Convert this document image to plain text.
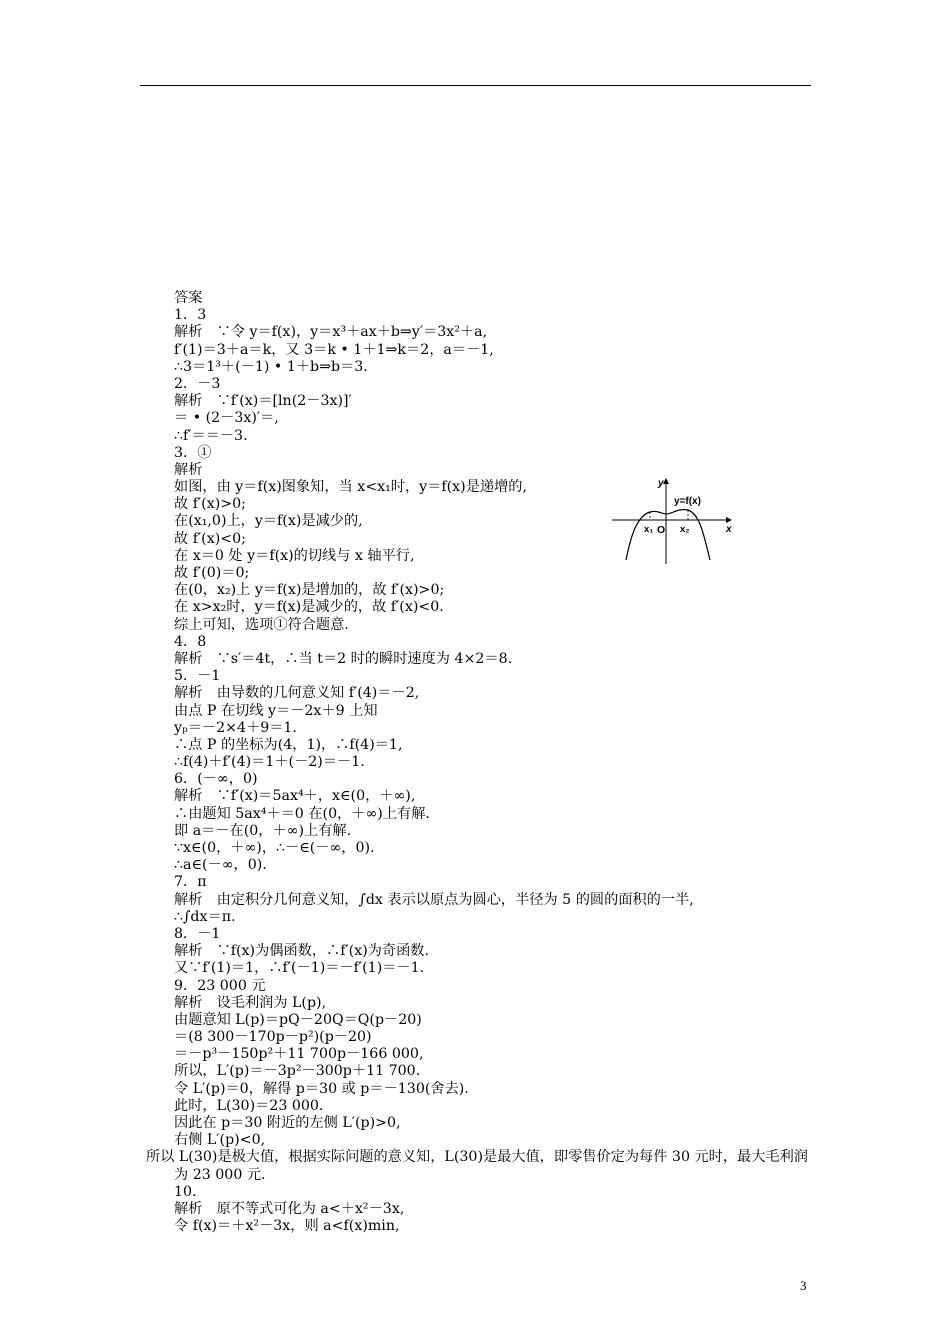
答案
1．3
解析　∵令 y＝f(x)，y＝x³＋ax＋b⇒y′＝3x²＋a,
f′(1)＝3＋a＝k，又 3＝k • 1＋1⇒k＝2，a＝－1,
∴3＝1³＋(－1) • 1＋b⇒b＝3.
2．－3
解析　∵f′(x)＝[ln(2－3x)]′
＝ • (2－3x)′＝,
∴f′＝＝－3.
3．①
解析
如图，由 y＝f(x)图象知，当 x<x₁时，y＝f(x)是递增的,
故 f′(x)>0;
在(x₁,0)上，y＝f(x)是减少的,
故 f′(x)<0;
在 x＝0 处 y＝f(x)的切线与 x 轴平行,
故 f′(0)＝0;
在(0，x₂)上 y＝f(x)是增加的，故 f′(x)>0;
在 x>x₂时，y＝f(x)是减少的，故 f′(x)<0.
综上可知，选项①符合题意.
4．8
解析　∵s′＝4t，∴当 t＝2 时的瞬时速度为 4×2＝8.
5．－1
解析　由导数的几何意义知 f′(4)＝－2,
由点 P 在切线 y＝－2x＋9 上知
yₚ＝－2×4＋9＝1.
∴点 P 的坐标为(4，1)，∴f(4)＝1,
∴f(4)＋f′(4)＝1＋(－2)＝－1.
6．(－∞，0)
解析　∵f′(x)＝5ax⁴＋，x∈(0，＋∞),
∴由题知 5ax⁴＋＝0 在(0，＋∞)上有解.
即 a＝－在(0，＋∞)上有解.
∵x∈(0，＋∞)，∴－∈(－∞，0).
∴a∈(－∞，0).
7．π
解析　由定积分几何意义知，∫dx 表示以原点为圆心，半径为 5 的圆的面积的一半,
∴∫dx＝π.
8．－1
解析　∵f(x)为偶函数，∴f′(x)为奇函数.
又∵f′(1)＝1，∴f′(－1)＝－f′(1)＝－1.
9．23 000 元
解析　设毛利润为 L(p),
由题意知 L(p)＝pQ－20Q＝Q(p－20)
＝(8 300－170p－p²)(p－20)
＝－p³－150p²＋11 700p－166 000,
所以，L′(p)＝－3p²－300p＋11 700.
令 L′(p)＝0，解得 p＝30 或 p＝－130(舍去).
此时，L(30)＝23 000.
因此在 p＝30 附近的左侧 L′(p)>0,
右侧 L′(p)<0,
所以 L(30)是极大值，根据实际问题的意义知，L(30)是最大值，即零售价定为每件 30 元时，最大毛利润为 23 000 元.
10.
解析　原不等式可化为 a<＋x²－3x,
令 f(x)＝＋x²－3x，则 a<f(x)min,
y
x
y=f(x)
x₁ O x₂
3
